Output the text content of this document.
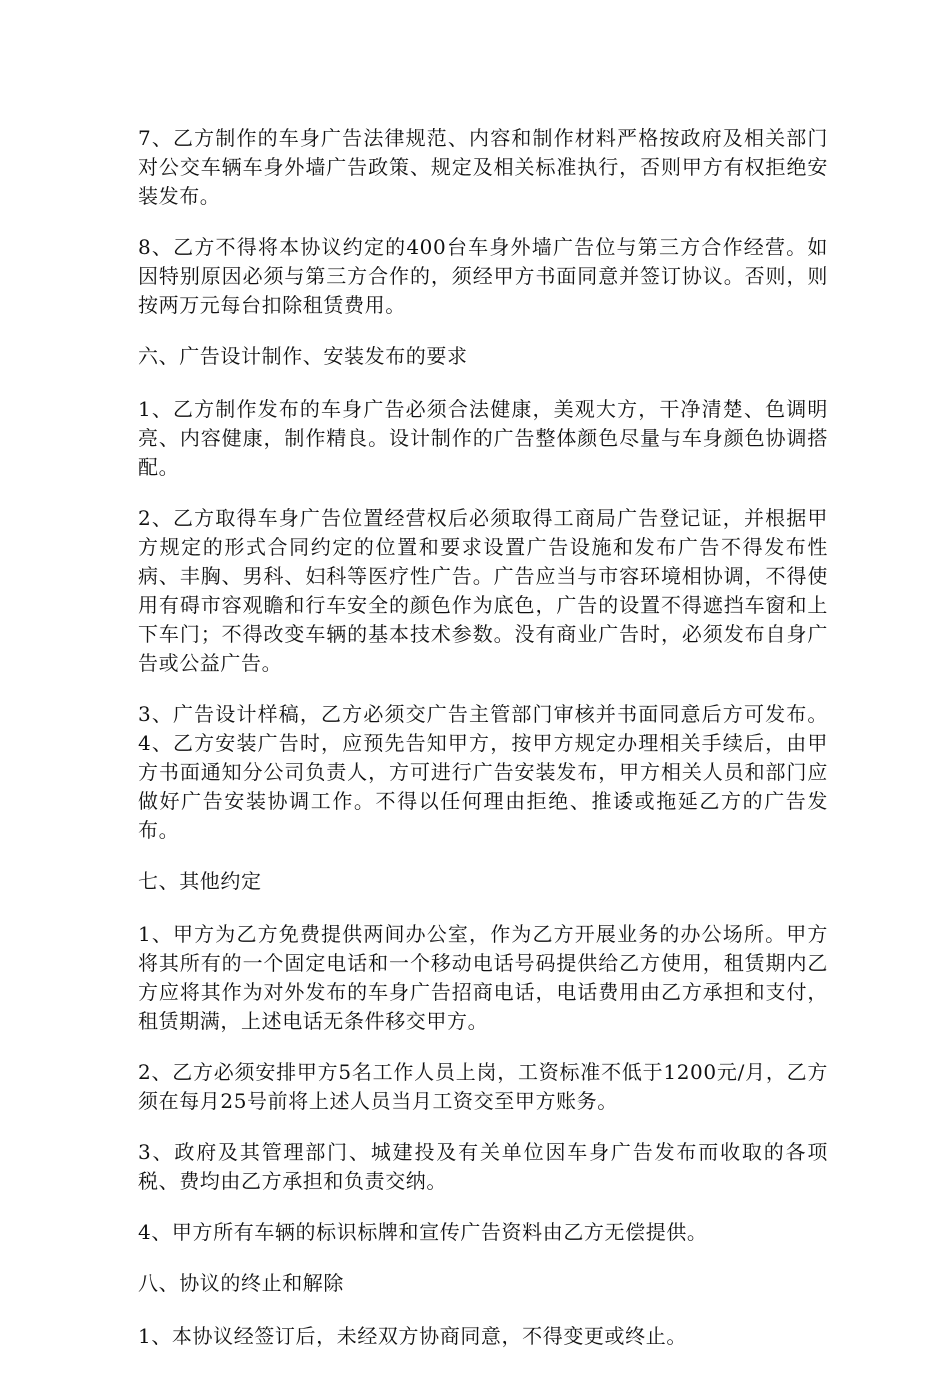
7、乙方制作的车身广告法律规范、内容和制作材料严格按政府及相关部门对公交车辆车身外墙广告政策、规定及相关标准执行，否则甲方有权拒绝安装发布。

8、乙方不得将本协议约定的400台车身外墙广告位与第三方合作经营。如因特别原因必须与第三方合作的，须经甲方书面同意并签订协议。否则，则按两万元每台扣除租赁费用。

六、广告设计制作、安装发布的要求

1、乙方制作发布的车身广告必须合法健康，美观大方，干净清楚、色调明亮、内容健康，制作精良。设计制作的广告整体颜色尽量与车身颜色协调搭配。

2、乙方取得车身广告位置经营权后必须取得工商局广告登记证，并根据甲方规定的形式合同约定的位置和要求设置广告设施和发布广告不得发布性病、丰胸、男科、妇科等医疗性广告。广告应当与市容环境相协调，不得使用有碍市容观瞻和行车安全的颜色作为底色，广告的设置不得遮挡车窗和上下车门；不得改变车辆的基本技术参数。没有商业广告时，必须发布自身广告或公益广告。

3、广告设计样稿，乙方必须交广告主管部门审核并书面同意后方可发布。4、乙方安装广告时，应预先告知甲方，按甲方规定办理相关手续后，由甲方书面通知分公司负责人，方可进行广告安装发布，甲方相关人员和部门应做好广告安装协调工作。不得以任何理由拒绝、推诿或拖延乙方的广告发布。

七、其他约定

1、甲方为乙方免费提供两间办公室，作为乙方开展业务的办公场所。甲方将其所有的一个固定电话和一个移动电话号码提供给乙方使用，租赁期内乙方应将其作为对外发布的车身广告招商电话，电话费用由乙方承担和支付，租赁期满，上述电话无条件移交甲方。

2、乙方必须安排甲方5名工作人员上岗，工资标准不低于1200元/月，乙方须在每月25号前将上述人员当月工资交至甲方账务。

3、政府及其管理部门、城建投及有关单位因车身广告发布而收取的各项税、费均由乙方承担和负责交纳。

4、甲方所有车辆的标识标牌和宣传广告资料由乙方无偿提供。

八、协议的终止和解除

1、本协议经签订后，未经双方协商同意，不得变更或终止。
